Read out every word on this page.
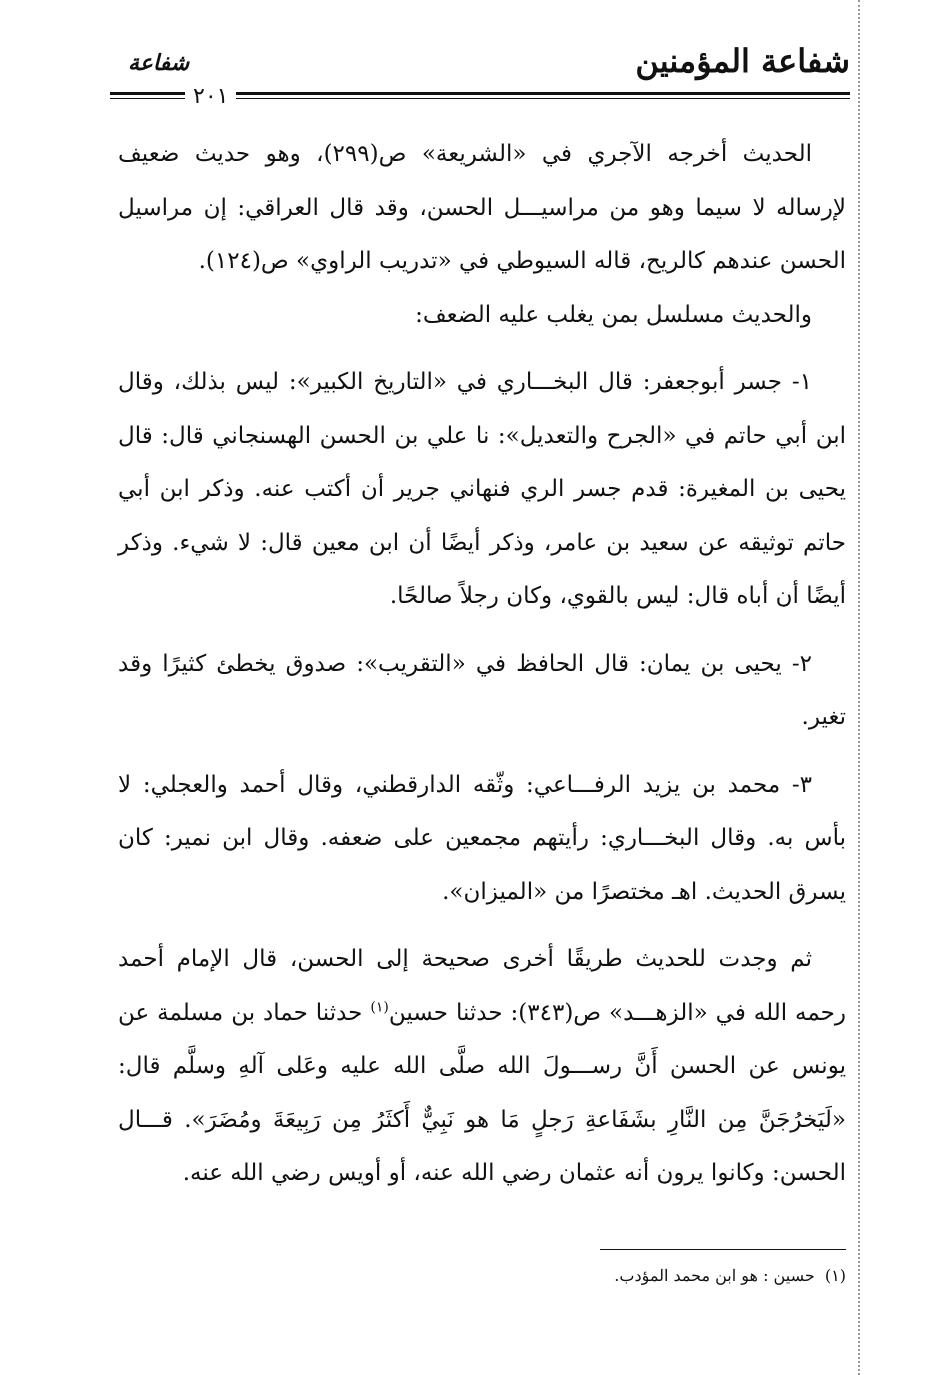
شفاعة المؤمنين
شفاعة
٢٠١

الحديث أخرجه الآجري في «الشريعة» ص(٢٩٩)، وهو حديث ضعيف لإرساله لا سيما وهو من مراسيـــل الحسن، وقد قال العراقي: إن مراسيل الحسن عندهم كالريح، قاله السيوطي في «تدريب الراوي» ص(١٢٤).

والحديث مسلسل بمن يغلب عليه الضعف:

١- جسر أبوجعفر: قال البخـــاري في «التاريخ الكبير»: ليس بذلك، وقال ابن أبي حاتم في «الجرح والتعديل»: نا علي بن الحسن الهسنجاني قال: قال يحيى بن المغيرة: قدم جسر الري فنهاني جرير أن أكتب عنه. وذكر ابن أبي حاتم توثيقه عن سعيد بن عامر، وذكر أيضًا أن ابن معين قال: لا شيء. وذكر أيضًا أن أباه قال: ليس بالقوي، وكان رجلاً صالحًا.

٢- يحيى بن يمان: قال الحافظ في «التقريب»: صدوق يخطئ كثيرًا وقد تغير.

٣- محمد بن يزيد الرفـــاعي: وثّقه الدارقطني، وقال أحمد والعجلي: لا بأس به. وقال البخـــاري: رأيتهم مجمعين على ضعفه. وقال ابن نمير: كان يسرق الحديث. اهـ مختصرًا من «الميزان».

ثم وجدت للحديث طريقًا أخرى صحيحة إلى الحسن، قال الإمام أحمد رحمه الله في «الزهـــد» ص(٣٤٣): حدثنا حسين$^{(١)}$ حدثنا حماد بن مسلمة عن يونس عن الحسن أَنَّ رســـولَ الله صلَّى الله عليه وعَلى آلهِ وسلَّم قال: «لَيَخرُجَنَّ مِن النَّارِ بشَفَاعةِ رَجلٍ مَا هو نَبِيٌّ أَكثَرُ مِن رَبِيعَةَ ومُضَرَ». قـــال الحسن: وكانوا يرون أنه عثمان رضي الله عنه، أو أويس رضي الله عنه.

(١)  حسين : هو ابن محمد المؤدب.
